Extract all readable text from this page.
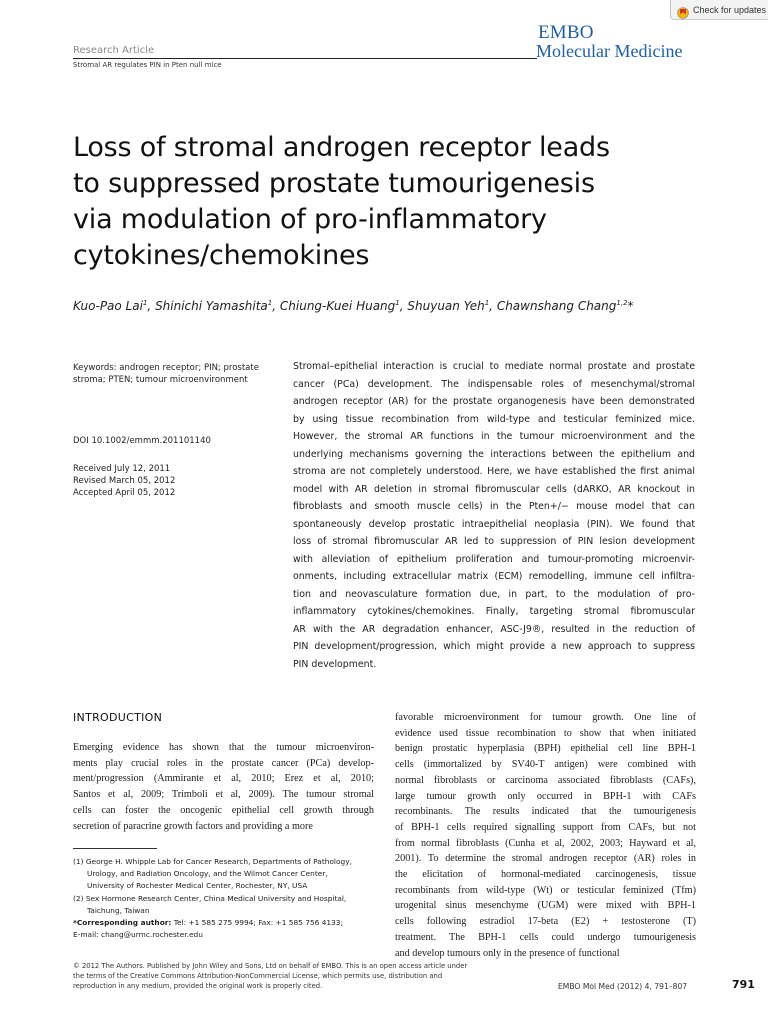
Check for updates
Research Article
Stromal AR regulates PIN in Pten null mice
EMBO
Molecular Medicine
Loss of stromal androgen receptor leads
to suppressed prostate tumourigenesis
via modulation of pro-inflammatory
cytokines/chemokines
Kuo-Pao Lai$^1$, Shinichi Yamashita$^1$, Chiung-Kuei Huang$^1$, Shuyuan Yeh$^1$, Chawnshang Chang$^{1,2}$*
Keywords: androgen receptor; PIN; prostate stroma; PTEN; tumour microenvironment
DOI 10.1002/emmm.201101140
Received July 12, 2011
Revised March 05, 2012
Accepted April 05, 2012
Stromal–epithelial interaction is crucial to mediate normal prostate and prostate
cancer (PCa) development. The indispensable roles of mesenchymal/stromal
androgen receptor (AR) for the prostate organogenesis have been demonstrated
by using tissue recombination from wild-type and testicular feminized mice.
However, the stromal AR functions in the tumour microenvironment and the
underlying mechanisms governing the interactions between the epithelium and
stroma are not completely understood. Here, we have established the first animal
model with AR deletion in stromal fibromuscular cells (dARKO, AR knockout in
fibroblasts and smooth muscle cells) in the Pten+/− mouse model that can
spontaneously develop prostatic intraepithelial neoplasia (PIN). We found that
loss of stromal fibromuscular AR led to suppression of PIN lesion development
with alleviation of epithelium proliferation and tumour-promoting microenvir-
onments, including extracellular matrix (ECM) remodelling, immune cell infiltra-
tion and neovasculature formation due, in part, to the modulation of pro-
inflammatory cytokines/chemokines. Finally, targeting stromal fibromuscular
AR with the AR degradation enhancer, ASC-J9®, resulted in the reduction of
PIN development/progression, which might provide a new approach to suppress
PIN development.
INTRODUCTION
Emerging evidence has shown that the tumour microenviron-
ments play crucial roles in the prostate cancer (PCa) develop-
ment/progression (Ammirante et al, 2010; Erez et al, 2010;
Santos et al, 2009; Trimboli et al, 2009). The tumour stromal
cells can foster the oncogenic epithelial cell growth through
secretion of paracrine growth factors and providing a more
(1) George H. Whipple Lab for Cancer Research, Departments of Pathology,
Urology, and Radiation Oncology, and the Wilmot Cancer Center,
University of Rochester Medical Center, Rochester, NY, USA
(2) Sex Hormone Research Center, China Medical University and Hospital,
Taichung, Taiwan
*Corresponding author: Tel: +1 585 275 9994; Fax: +1 585 756 4133;
E-mail: chang@urmc.rochester.edu
favorable microenvironment for tumour growth. One line of
evidence used tissue recombination to show that when initiated
benign prostatic hyperplasia (BPH) epithelial cell line BPH-1
cells (immortalized by SV40-T antigen) were combined with
normal fibroblasts or carcinoma associated fibroblasts (CAFs),
large tumour growth only occurred in BPH-1 with CAFs
recombinants. The results indicated that the tumourigenesis
of BPH-1 cells required signalling support from CAFs, but not
from normal fibroblasts (Cunha et al, 2002, 2003; Hayward et al,
2001). To determine the stromal androgen receptor (AR) roles in
the elicitation of hormonal-mediated carcinogenesis, tissue
recombinants from wild-type (Wt) or testicular feminized (Tfm)
urogenital sinus mesenchyme (UGM) were mixed with BPH-1
cells following estradiol 17-beta (E2) + testosterone (T)
treatment. The BPH-1 cells could undergo tumourigenesis
and develop tumours only in the presence of functional
© 2012 The Authors. Published by John Wiley and Sons, Ltd on behalf of EMBO. This is an open access article under
the terms of the Creative Commons Attribution-NonCommercial License, which permits use, distribution and
reproduction in any medium, provided the original work is properly cited.	EMBO Mol Med (2012) 4, 791–807	791
